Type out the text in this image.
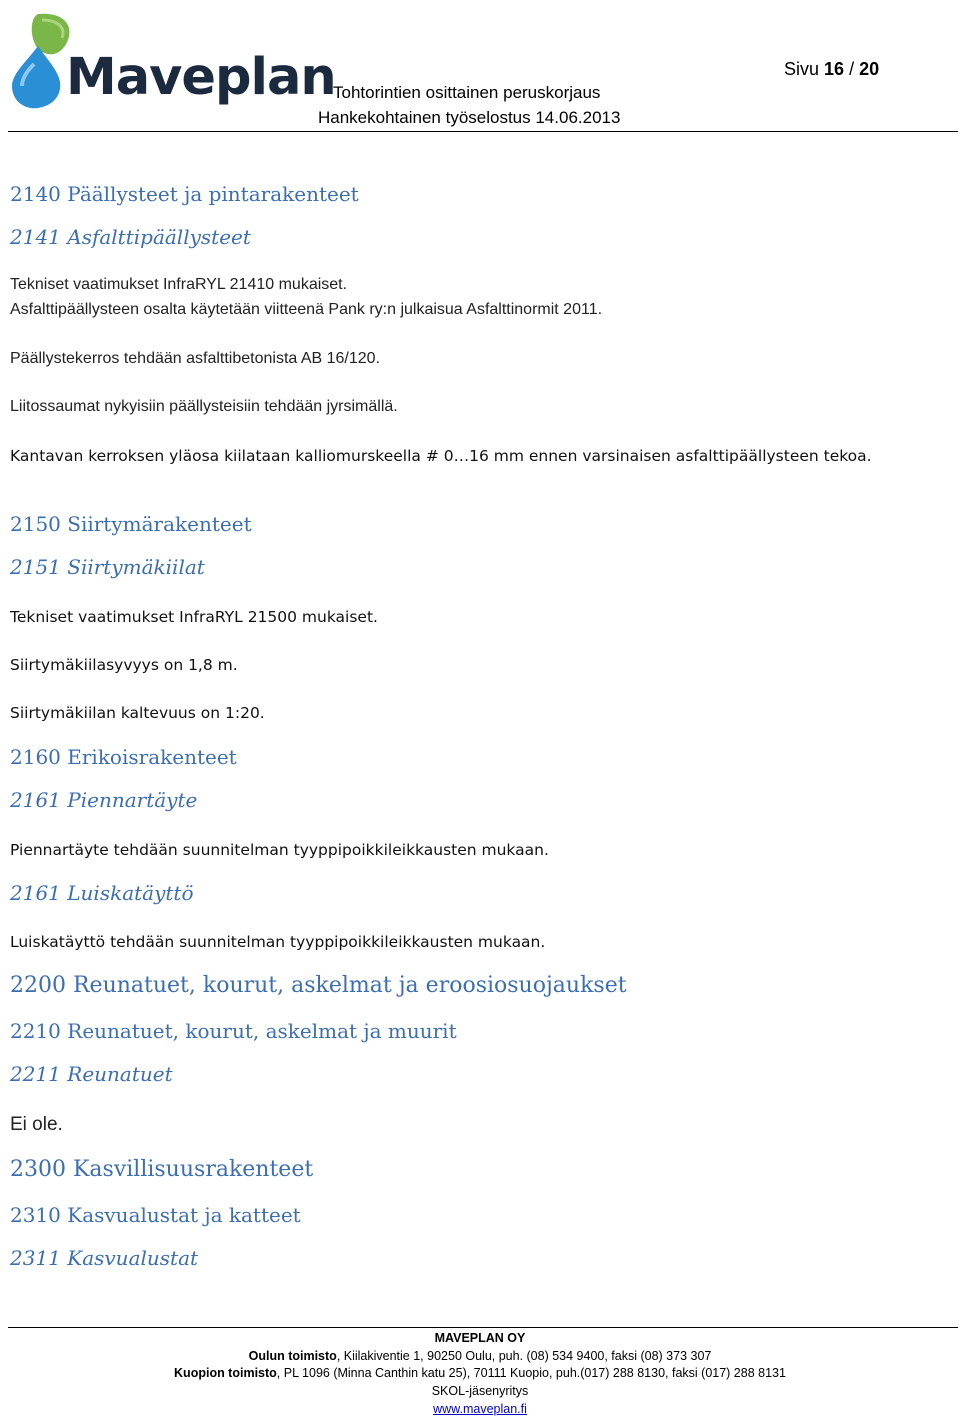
Maveplan	Sivu 16 / 20
Tohtorintien osittainen peruskorjaus
Hankekohtainen työselostus 14.06.2013
2140 Päällysteet ja pintarakenteet
2141 Asfalttipäällysteet
Tekniset vaatimukset InfraRYL 21410 mukaiset.
Asfalttipäällysteen osalta käytetään viitteenä Pank ry:n julkaisua Asfalttinormit 2011.
Päällystekerros tehdään asfalttibetonista AB 16/120.
Liitossaumat nykyisiin päällysteisiin tehdään jyrsimällä.
Kantavan kerroksen yläosa kiilataan kalliomurskeella # 0…16 mm ennen varsinaisen asfalttipäällysteen tekoa.
2150 Siirtymärakenteet
2151 Siirtymäkiilat
Tekniset vaatimukset InfraRYL 21500 mukaiset.
Siirtymäkiilasyvyys on 1,8 m.
Siirtymäkiilan kaltevuus on 1:20.
2160 Erikoisrakenteet
2161 Piennartäyte
Piennartäyte tehdään suunnitelman tyyppipoikkileikkausten mukaan.
2161 Luiskatäyttö
Luiskatäyttö tehdään suunnitelman tyyppipoikkileikkausten mukaan.
2200 Reunatuet, kourut, askelmat ja eroosiosuojaukset
2210 Reunatuet, kourut, askelmat ja muurit
2211 Reunatuet
Ei ole.
2300 Kasvillisuusrakenteet
2310 Kasvualustat ja katteet
2311 Kasvualustat
MAVEPLAN OY
Oulun toimisto, Kiilakiventie 1, 90250 Oulu, puh. (08) 534 9400, faksi (08) 373 307
Kuopion toimisto, PL 1096 (Minna Canthin katu 25), 70111 Kuopio, puh.(017) 288 8130, faksi (017) 288 8131
SKOL-jäsenyritys
www.maveplan.fi
